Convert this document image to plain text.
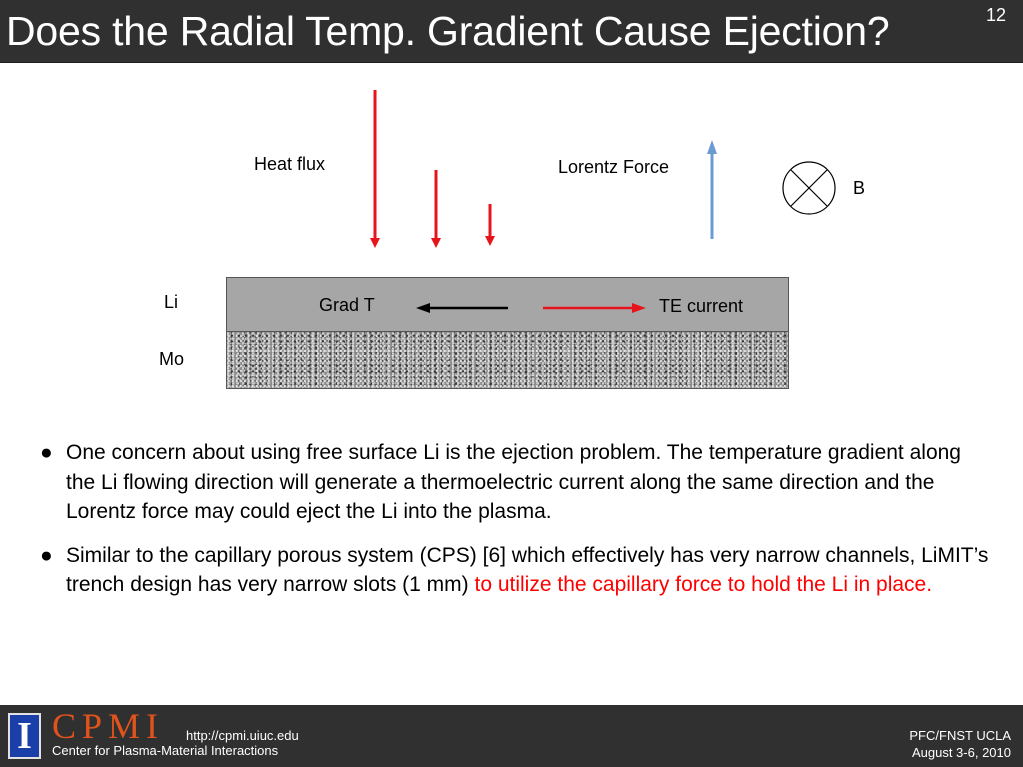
Does the Radial Temp. Gradient Cause Ejection?	12
Heat flux	Lorentz Force
B
Li
Mo
Grad T	TE current
● One concern about using free surface Li is the ejection problem. The temperature gradient along the Li flowing direction will generate a thermoelectric current along the same direction and the Lorentz force may could eject the Li into the plasma.
● Similar to the capillary porous system (CPS) [6] which effectively has very narrow channels, LiMIT’s trench design has very narrow slots (1 mm) to utilize the capillary force to hold the Li in place.
I CPMI http://cpmi.uiuc.edu
Center for Plasma-Material Interactions
PFC/FNST UCLA
August 3-6, 2010
